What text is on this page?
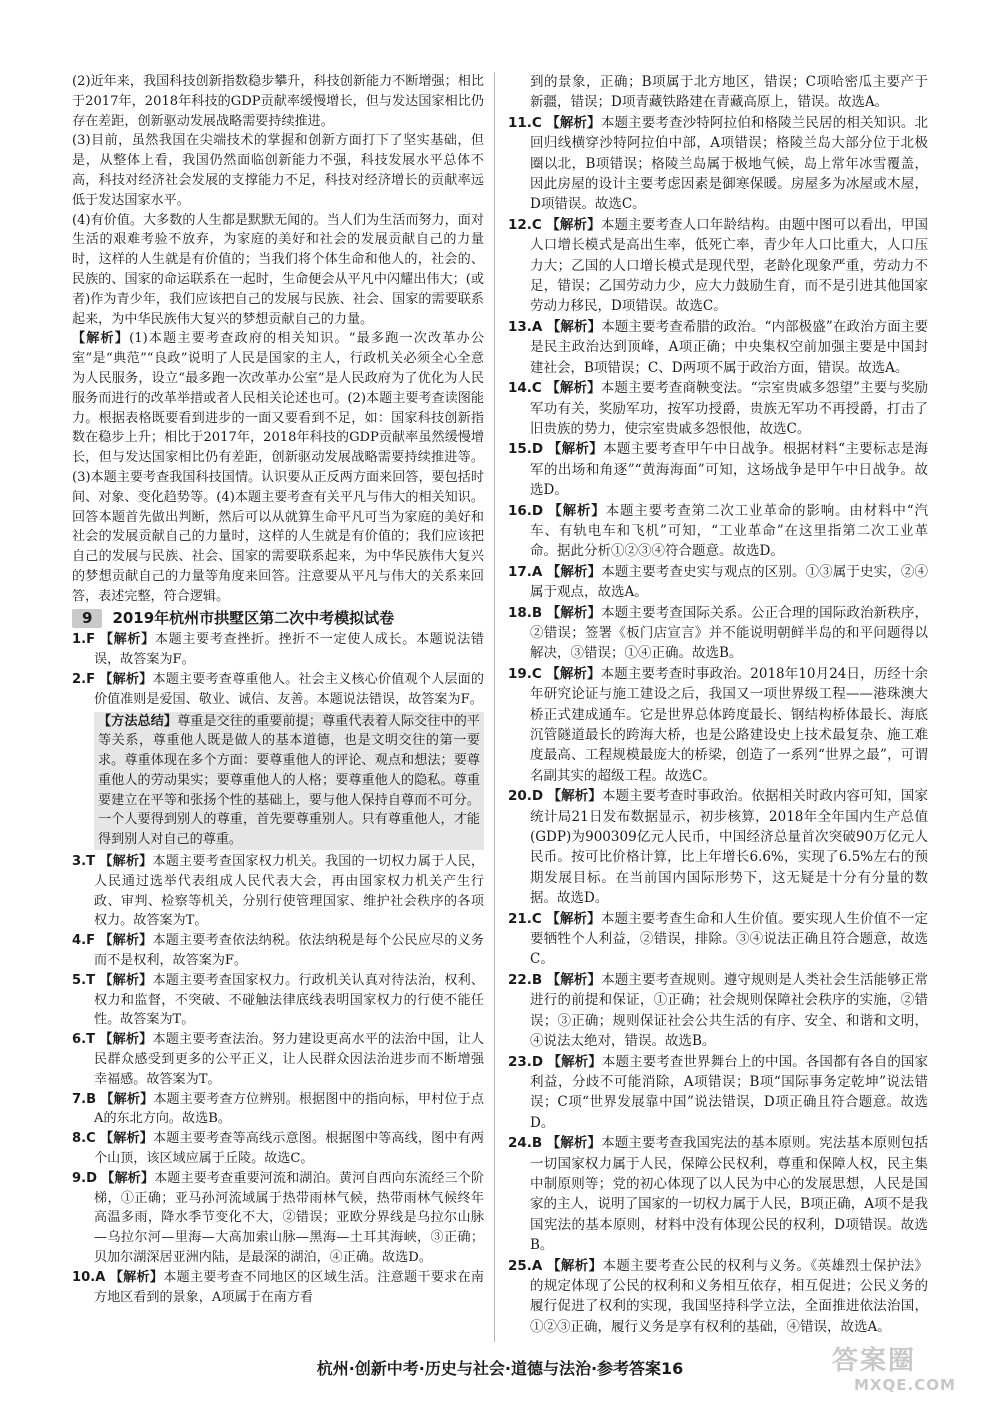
(2)近年来，我国科技创新指数稳步攀升，科技创新能力不断增强；相比于2017年，2018年科技的GDP贡献率缓慢增长，但与发达国家相比仍存在差距，创新驱动发展战略需要持续推进。

(3)目前，虽然我国在尖端技术的掌握和创新方面打下了坚实基础，但是，从整体上看，我国仍然面临创新能力不强，科技发展水平总体不高，科技对经济社会发展的支撑能力不足，科技对经济增长的贡献率远低于发达国家水平。

(4)有价值。大多数的人生都是默默无闻的。当人们为生活而努力，面对生活的艰难考验不放弃，为家庭的美好和社会的发展贡献自己的力量时，这样的人生就是有价值的；当我们将个体生命和他人的，社会的、民族的、国家的命运联系在一起时，生命便会从平凡中闪耀出伟大；(或者)作为青少年，我们应该把自己的发展与民族、社会、国家的需要联系起来，为中华民族伟大复兴的梦想贡献自己的力量。

【解析】(1)本题主要考查政府的相关知识。“最多跑一次改革办公室”是“典范”“良政”说明了人民是国家的主人，行政机关必须全心全意为人民服务，设立“最多跑一次改革办公室”是人民政府为了优化为人民服务而进行的改革举措或者人民相关论述也可。(2)本题主要考查读图能力。根据表格既要看到进步的一面又要看到不足，如：国家科技创新指数在稳步上升；相比于2017年，2018年科技的GDP贡献率虽然缓慢增长，但与发达国家相比仍有差距，创新驱动发展战略需要持续推进等。(3)本题主要考查我国科技国情。认识要从正反两方面来回答，要包括时间、对象、变化趋势等。(4)本题主要考查有关平凡与伟大的相关知识。回答本题首先做出判断，然后可以从就算生命平凡可当为家庭的美好和社会的发展贡献自己的力量时，这样的人生就是有价值的；我们应该把自己的发展与民族、社会、国家的需要联系起来，为中华民族伟大复兴的梦想贡献自己的力量等角度来回答。注意要从平凡与伟大的关系来回答，表述完整，符合逻辑。

9	2019年杭州市拱墅区第二次中考模拟试卷

1.F 【解析】本题主要考查挫折。挫折不一定使人成长。本题说法错误，故答案为F。

2.F 【解析】本题主要考查尊重他人。社会主义核心价值观个人层面的价值准则是爱国、敬业、诚信、友善。本题说法错误，故答案为F。

【方法总结】尊重是交往的重要前提；尊重代表着人际交往中的平等关系，尊重他人既是做人的基本道德，也是文明交往的第一要求。尊重体现在多个方面：要尊重他人的评论、观点和想法；要尊重他人的劳动果实；要尊重他人的人格；要尊重他人的隐私。尊重要建立在平等和张扬个性的基础上，要与他人保持自尊而不可分。一个人要得到别人的尊重，首先要尊重别人。只有尊重他人，才能得到别人对自己的尊重。

3.T 【解析】本题主要考查国家权力机关。我国的一切权力属于人民，人民通过选举代表组成人民代表大会，再由国家权力机关产生行政、审判、检察等机关，分别行使管理国家、维护社会秩序的各项权力。故答案为T。

4.F 【解析】本题主要考查依法纳税。依法纳税是每个公民应尽的义务而不是权利，故答案为F。

5.T 【解析】本题主要考查国家权力。行政机关认真对待法治，权利、权力和监督，不突破、不碰触法律底线表明国家权力的行使不能任性。故答案为T。

6.T 【解析】本题主要考查法治。努力建设更高水平的法治中国，让人民群众感受到更多的公平正义，让人民群众因法治进步而不断增强幸福感。故答案为T。

7.B 【解析】本题主要考查方位辨别。根据图中的指向标，甲村位于点A的东北方向。故选B。

8.C 【解析】本题主要考查等高线示意图。根据图中等高线，图中有两个山顶，该区域应属于丘陵。故选C。

9.D 【解析】本题主要考查重要河流和湖泊。黄河自西向东流经三个阶梯，①正确；亚马孙河流域属于热带雨林气候，热带雨林气候终年高温多雨，降水季节变化不大，②错误；亚欧分界线是乌拉尔山脉—乌拉尔河—里海—大高加索山脉—黑海—土耳其海峡，③正确；贝加尔湖深居亚洲内陆，是最深的湖泊，④正确。故选D。

10.A 【解析】本题主要考查不同地区的区域生活。注意题干要求在南方地区看到的景象，A项属于在南方看

到的景象，正确；B项属于北方地区，错误；C项哈密瓜主要产于新疆，错误；D项青藏铁路建在青藏高原上，错误。故选A。

11.C 【解析】本题主要考查沙特阿拉伯和格陵兰民居的相关知识。北回归线横穿沙特阿拉伯中部，A项错误；格陵兰岛大部分位于北极圈以北，B项错误；格陵兰岛属于极地气候，岛上常年冰雪覆盖，因此房屋的设计主要考虑因素是御寒保暖。房屋多为冰屋或木屋，D项错误。故选C。

12.C 【解析】本题主要考查人口年龄结构。由题中图可以看出，甲国人口增长模式是高出生率，低死亡率，青少年人口比重大，人口压力大；乙国的人口增长模式是现代型，老龄化现象严重，劳动力不足，错误；乙国劳动力少，应大力鼓励生育，而不是引进其他国家劳动力移民，D项错误。故选C。

13.A 【解析】本题主要考查希腊的政治。“内部极盛”在政治方面主要是民主政治达到顶峰，A项正确；中央集权空前加强主要是中国封建社会，B项错误；C、D两项不属于政治方面，错误。故选A。

14.C 【解析】本题主要考查商鞅变法。“宗室贵戚多怨望”主要与奖励军功有关，奖励军功，按军功授爵，贵族无军功不再授爵，打击了旧贵族的势力，使宗室贵戚多怨恨他，故选C。

15.D 【解析】本题主要考查甲午中日战争。根据材料“主要标志是海军的出场和角逐”“黄海海面”可知，这场战争是甲午中日战争。故选D。

16.D 【解析】本题主要考查第二次工业革命的影响。由材料中“汽车、有轨电车和飞机”可知，“工业革命”在这里指第二次工业革命。据此分析①②③④符合题意。故选D。

17.A 【解析】本题主要考查史实与观点的区别。①③属于史实，②④属于观点，故选A。

18.B 【解析】本题主要考查国际关系。公正合理的国际政治新秩序，②错误；签署《板门店宣言》并不能说明朝鲜半岛的和平问题得以解决，③错误；①④正确。故选B。

19.C 【解析】本题主要考查时事政治。2018年10月24日，历经十余年研究论证与施工建设之后，我国又一项世界级工程——港珠澳大桥正式建成通车。它是世界总体跨度最长、钢结构桥体最长、海底沉管隧道最长的跨海大桥，也是公路建设史上技术最复杂、施工难度最高、工程规模最庞大的桥梁，创造了一系列“世界之最”，可谓名副其实的超级工程。故选C。

20.D 【解析】本题主要考查时事政治。依据相关时政内容可知，国家统计局21日发布数据显示，初步核算，2018年全年国内生产总值(GDP)为900309亿元人民币，中国经济总量首次突破90万亿元人民币。按可比价格计算，比上年增长6.6%，实现了6.5%左右的预期发展目标。在当前国内国际形势下，这无疑是十分有分量的数据。故选D。

21.C 【解析】本题主要考查生命和人生价值。要实现人生价值不一定要牺牲个人利益，②错误，排除。③④说法正确且符合题意，故选C。

22.B 【解析】本题主要考查规则。遵守规则是人类社会生活能够正常进行的前提和保证，①正确；社会规则保障社会秩序的实施，②错误；③正确；规则保证社会公共生活的有序、安全、和谐和文明，④说法太绝对，错误。故选B。

23.D 【解析】本题主要考查世界舞台上的中国。各国都有各自的国家利益，分歧不可能消除，A项错误；B项“国际事务定乾坤”说法错误；C项“世界发展靠中国”说法错误，D项正确且符合题意。故选D。

24.B 【解析】本题主要考查我国宪法的基本原则。宪法基本原则包括一切国家权力属于人民，保障公民权利，尊重和保障人权，民主集中制原则等；党的初心体现了以人民为中心的发展思想，人民是国家的主人，说明了国家的一切权力属于人民，B项正确，A项不是我国宪法的基本原则，材料中没有体现公民的权利，D项错误。故选B。

25.A 【解析】本题主要考查公民的权利与义务。《英雄烈士保护法》的规定体现了公民的权利和义务相互依存，相互促进；公民义务的履行促进了权利的实现，我国坚持科学立法，全面推进依法治国，①②③正确，履行义务是享有权利的基础，④错误，故选A。

杭州·创新中考·历史与社会·道德与法治·参考答案16	答案圈
MXQE.COM
